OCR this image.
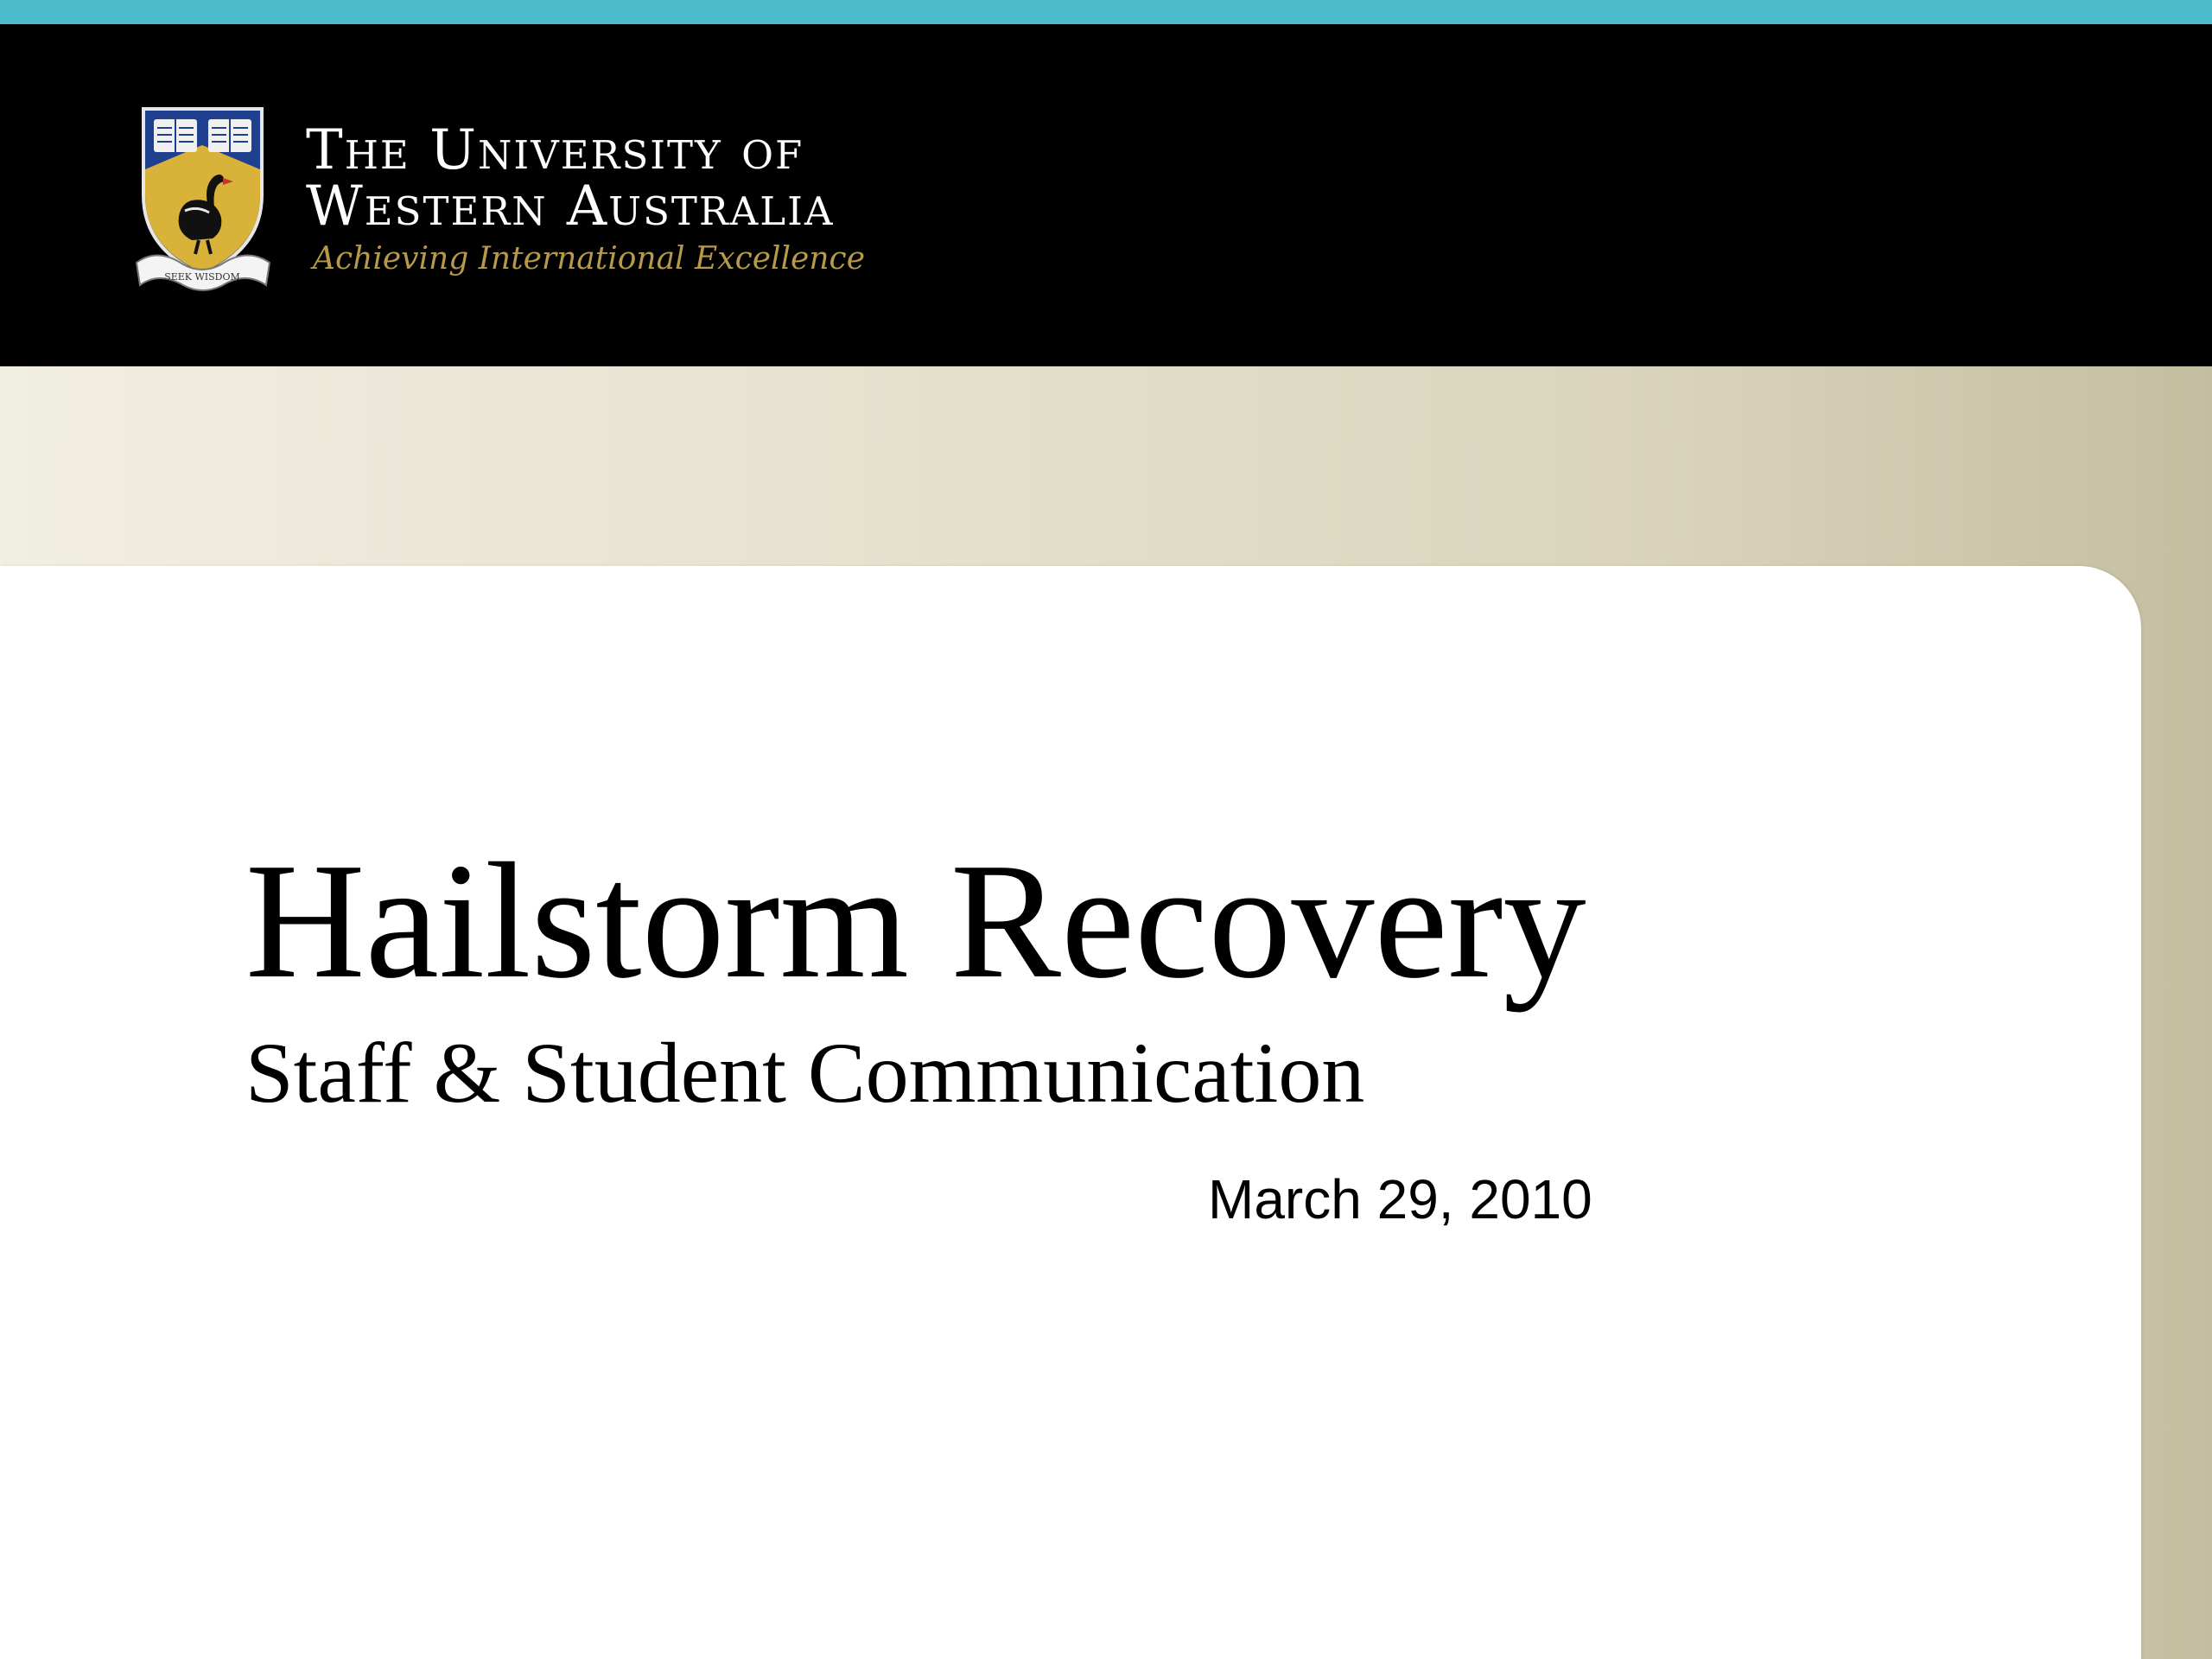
SEEK WISDOM
The University of
Western Australia
Achieving International Excellence
Hailstorm Recovery
Staff & Student Communication
March 29, 2010
